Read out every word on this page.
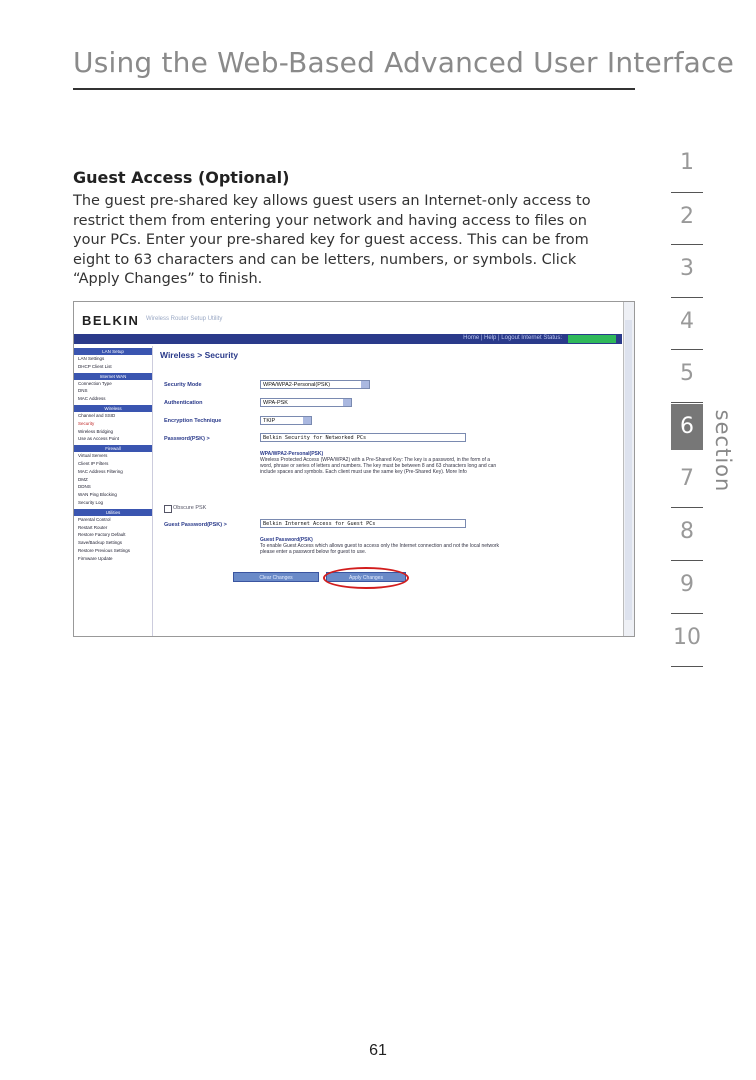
Using the Web-Based Advanced User Interface
Guest Access (Optional)

The guest pre-shared key allows guest users an Internet-only access to

restrict them from entering your network and having access to files on

your PCs. Enter your pre-shared key for guest access. This can be from

eight to 63 characters and can be letters, numbers, or symbols. Click

“Apply Changes” to finish.

1
2
3
4
5
7
8
9
10
6 section
BELKIN Wireless Router Setup Utility
Home | Help | Logout Internet Status:
LAN Setup
LAN Settings
DHCP Client List
Internet WAN
Connection Type
DNS
MAC Address
Wireless
Channel and SSID
Security
Wireless Bridging
Use as Access Point
Firewall
Virtual Servers
Client IP Filters
MAC Address Filtering
DMZ
DDNS
WAN Ping Blocking
Security Log
Utilities
Parental Control
Restart Router
Restore Factory Default
Save/Backup Settings
Restore Previous Settings
Firmware Update
Wireless > Security
Security Mode	WPA/WPA2-Personal(PSK)
Authentication	WPA-PSK
Encryption Technique	TKIP
Password(PSK) >	Belkin Security for Networked PCs
WPA/WPA2-Personal(PSK)
Wireless Protected Access (WPA/WPA2) with a Pre-Shared Key: The key is a password, in the form of a word, phrase or series of letters and numbers. The key must be between 8 and 63 characters long and can include spaces and symbols. Each client must use the same key (Pre-Shared Key). More Info
Obscure PSK
Guest Password(PSK) >	Belkin Internet Access for Guest PCs
Guest Password(PSK)
To enable Guest Access which allows guest to access only the Internet connection and not the local network please enter a password below for guest to use.
Clear Changes	Apply Changes
61
